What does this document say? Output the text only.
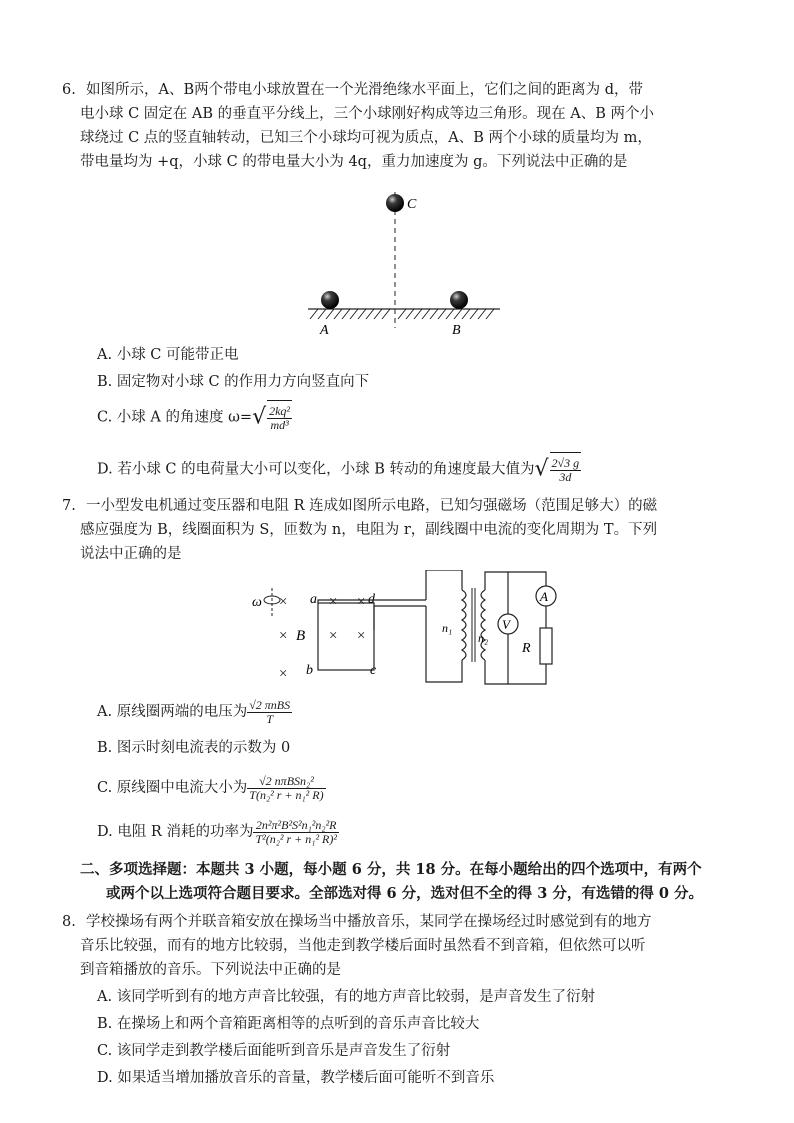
6. 如图所示，A、B两个带电小球放置在一个光滑绝缘水平面上，它们之间的距离为 d，带
电小球 C 固定在 AB 的垂直平分线上，三个小球刚好构成等边三角形。现在 A、B 两个小
球绕过 C 点的竖直轴转动，已知三个小球均可视为质点，A、B 两个小球的质量均为 m，
带电量均为 +q，小球 C 的带电量大小为 4q，重力加速度为 g。下列说法中正确的是
C
A	B
A. 小球 C 可能带正电
B. 固定物对小球 C 的作用力方向竖直向下
C. 小球 A 的角速度 $\omega=√ \frac{\text{2kq²}}{\text{md³}}$
D. 若小球 C 的电荷量大小可以变化，小球 B 转动的角速度最大值为√ $\frac{2√3 g}{3d}$
7. 一小型发电机通过变压器和电阻 R 连成如图所示电路，已知匀强磁场（范围足够大）的磁
感应强度为 B，线圈面积为 S，匝数为 n，电阻为 r，副线圈中电流的变化周期为 T。下列
说法中正确的是
×	× ×
×	× ×
×
ω	a	d
b	c
B	n₁
n₂
V
A
R
A. 原线圈两端的电压为 $\frac{\text{√2 πnBS}}{T}$
B. 图示时刻电流表的示数为 0
C. 原线圈中电流大小为 $\frac{\text{√2 nπBSn₂²}}{\text{T(n₂² r + n₁² R)}}$
D. 电阻 R 消耗的功率为 $\frac{\text{2n²π²B²S²n₁²n₂²R}}{\text{T²(n₂² r + n₁² R)²}}$
二、多项选择题：本题共 3 小题，每小题 6 分，共 18 分。在每小题给出的四个选项中，有两个
或两个以上选项符合题目要求。全部选对得 6 分，选对但不全的得 3 分，有选错的得 0 分。
8. 学校操场有两个并联音箱安放在操场当中播放音乐，某同学在操场经过时感觉到有的地方
音乐比较强，而有的地方比较弱，当他走到教学楼后面时虽然看不到音箱，但依然可以听
到音箱播放的音乐。下列说法中正确的是
A. 该同学听到有的地方声音比较强，有的地方声音比较弱，是声音发生了衍射
B. 在操场上和两个音箱距离相等的点听到的音乐声音比较大
C. 该同学走到教学楼后面能听到音乐是声音发生了衍射
D. 如果适当增加播放音乐的音量，教学楼后面可能听不到音乐
